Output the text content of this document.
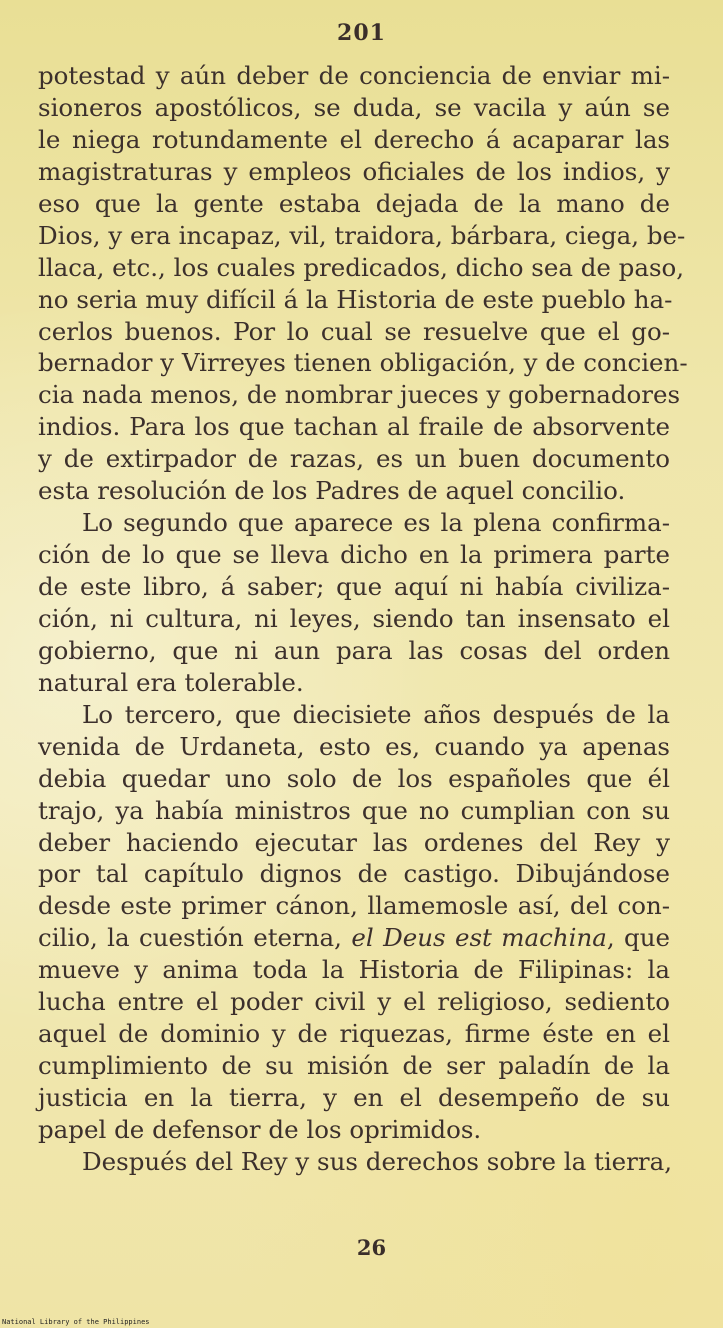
201
potestad y aún deber de conciencia de enviar mi-
sioneros apostólicos, se duda, se vacila y aún se
le niega rotundamente el derecho á acaparar las
magistraturas y empleos oficiales de los indios, y
eso que la gente estaba dejada de la mano de
Dios, y era incapaz, vil, traidora, bárbara, ciega, be-
llaca, etc., los cuales predicados, dicho sea de paso,
no seria muy difícil á la Historia de este pueblo ha-
cerlos buenos. Por lo cual se resuelve que el go-
bernador y Virreyes tienen obligación, y de concien-
cia nada menos, de nombrar jueces y gobernadores
indios. Para los que tachan al fraile de absorvente
y de extirpador de razas, es un buen documento
esta resolución de los Padres de aquel concilio.
Lo segundo que aparece es la plena confirma-
ción de lo que se lleva dicho en la primera parte
de este libro, á saber; que aquí ni había civiliza-
ción, ni cultura, ni leyes, siendo tan insensato el
gobierno, que ni aun para las cosas del orden
natural era tolerable.
Lo tercero, que diecisiete años después de la
venida de Urdaneta, esto es, cuando ya apenas
debia quedar uno solo de los españoles que él
trajo, ya había ministros que no cumplian con su
deber haciendo ejecutar las ordenes del Rey y
por tal capítulo dignos de castigo. Dibujándose
desde este primer cánon, llamemosle así, del con-
cilio, la cuestión eterna, el Deus est machina, que
mueve y anima toda la Historia de Filipinas: la
lucha entre el poder civil y el religioso, sediento
aquel de dominio y de riquezas, firme éste en el
cumplimiento de su misión de ser paladín de la
justicia en la tierra, y en el desempeño de su
papel de defensor de los oprimidos.
Después del Rey y sus derechos sobre la tierra,
26
National Library of the Philippines
